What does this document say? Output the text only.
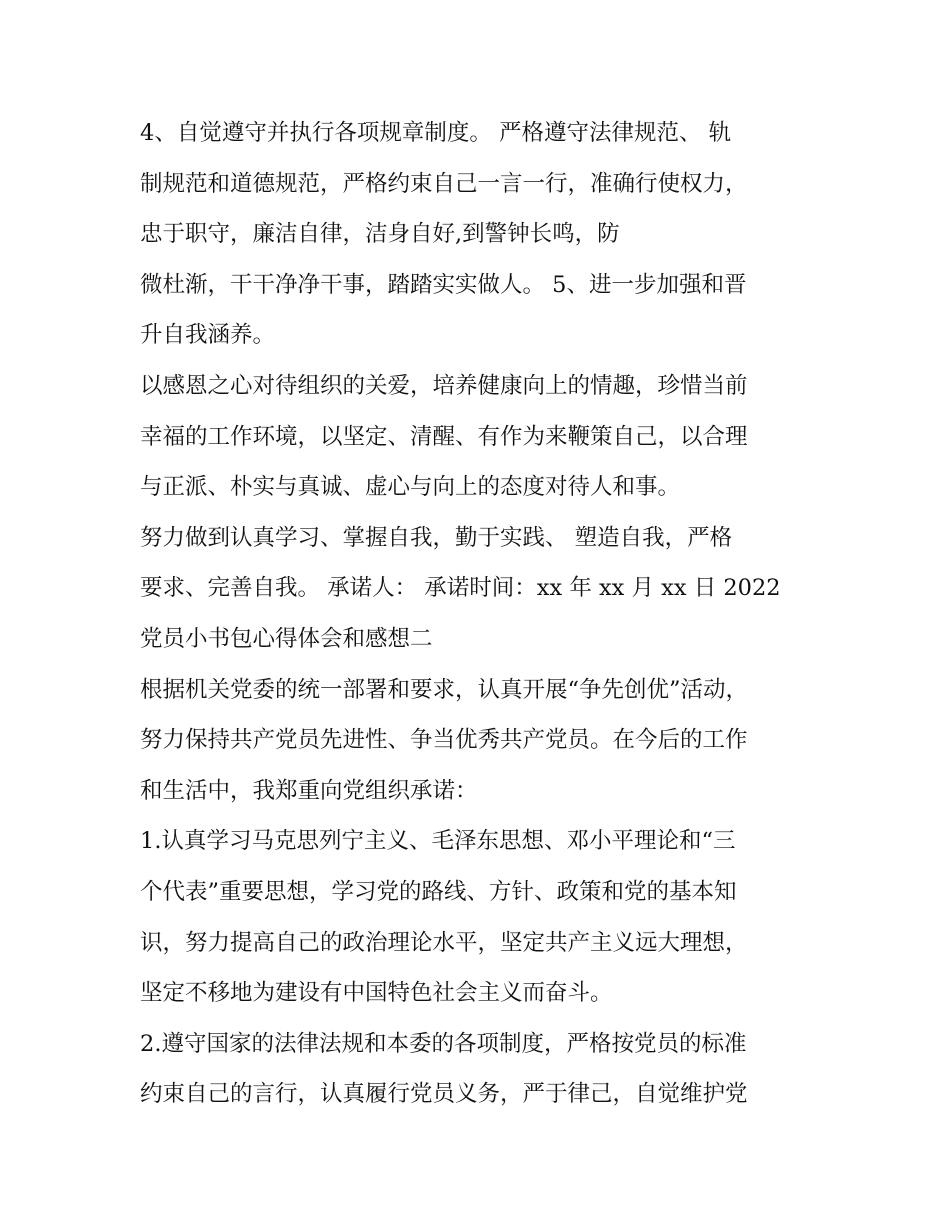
4、自觉遵守并执行各项规章制度。 严格遵守法律规范、 轨
制规范和道德规范，严格约束自己一言一行，准确行使权力，
忠于职守，廉洁自律，洁身自好,到警钟长鸣，防
微杜渐，干干净净干事，踏踏实实做人。 5、进一步加强和晋
升自我涵养。
以感恩之心对待组织的关爱，培养健康向上的情趣，珍惜当前
幸福的工作环境，以坚定、清醒、有作为来鞭策自己，以合理
与正派、朴实与真诚、虚心与向上的态度对待人和事。
努力做到认真学习、掌握自我，勤于实践、 塑造自我，严格
要求、完善自我。 承诺人： 承诺时间：xx 年 xx 月 xx 日 2022
党员小书包心得体会和感想二
根据机关党委的统一部署和要求，认真开展“争先创优”活动，
努力保持共产党员先进性、争当优秀共产党员。在今后的工作
和生活中，我郑重向党组织承诺：
1.认真学习马克思列宁主义、毛泽东思想、邓小平理论和“三
个代表”重要思想，学习党的路线、方针、政策和党的基本知
识，努力提高自己的政治理论水平，坚定共产主义远大理想，
坚定不移地为建设有中国特色社会主义而奋斗。
2.遵守国家的法律法规和本委的各项制度，严格按党员的标准
约束自己的言行，认真履行党员义务，严于律己，自觉维护党
